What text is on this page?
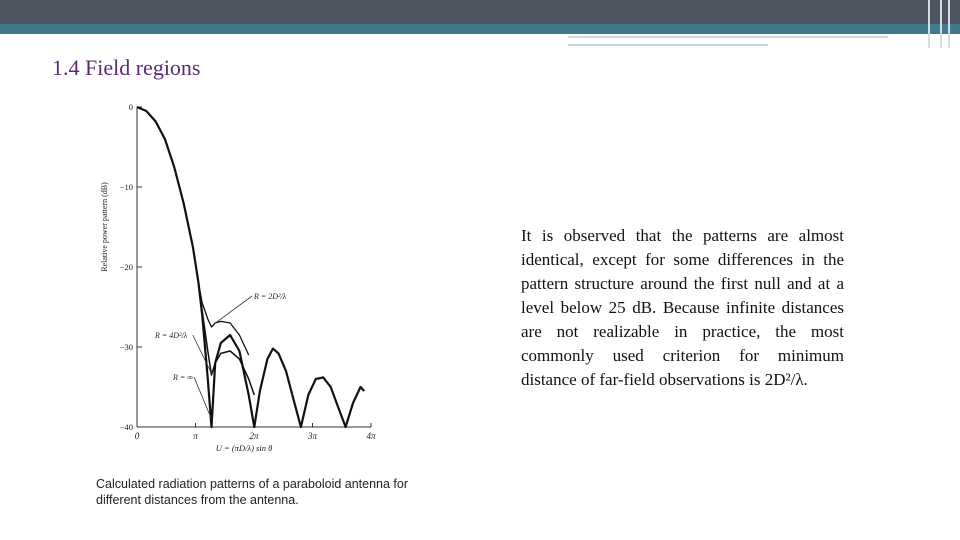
1.4 Field regions
0
−10
−20
−30
−40
0	π	2π	3π	4π
Relative power pattern (dB)
U = (πD/λ) sin θ
R = 2D²/λ
R = 4D²/λ
R = ∞
Calculated radiation patterns of a paraboloid antenna for different distances from the antenna.
It is observed that the patterns are almost identical, except for some differences in the pattern structure around the first null and at a level below 25 dB. Because infinite distances are not realizable in practice, the most commonly used criterion for minimum distance of far-field observations is 2D²/λ.
